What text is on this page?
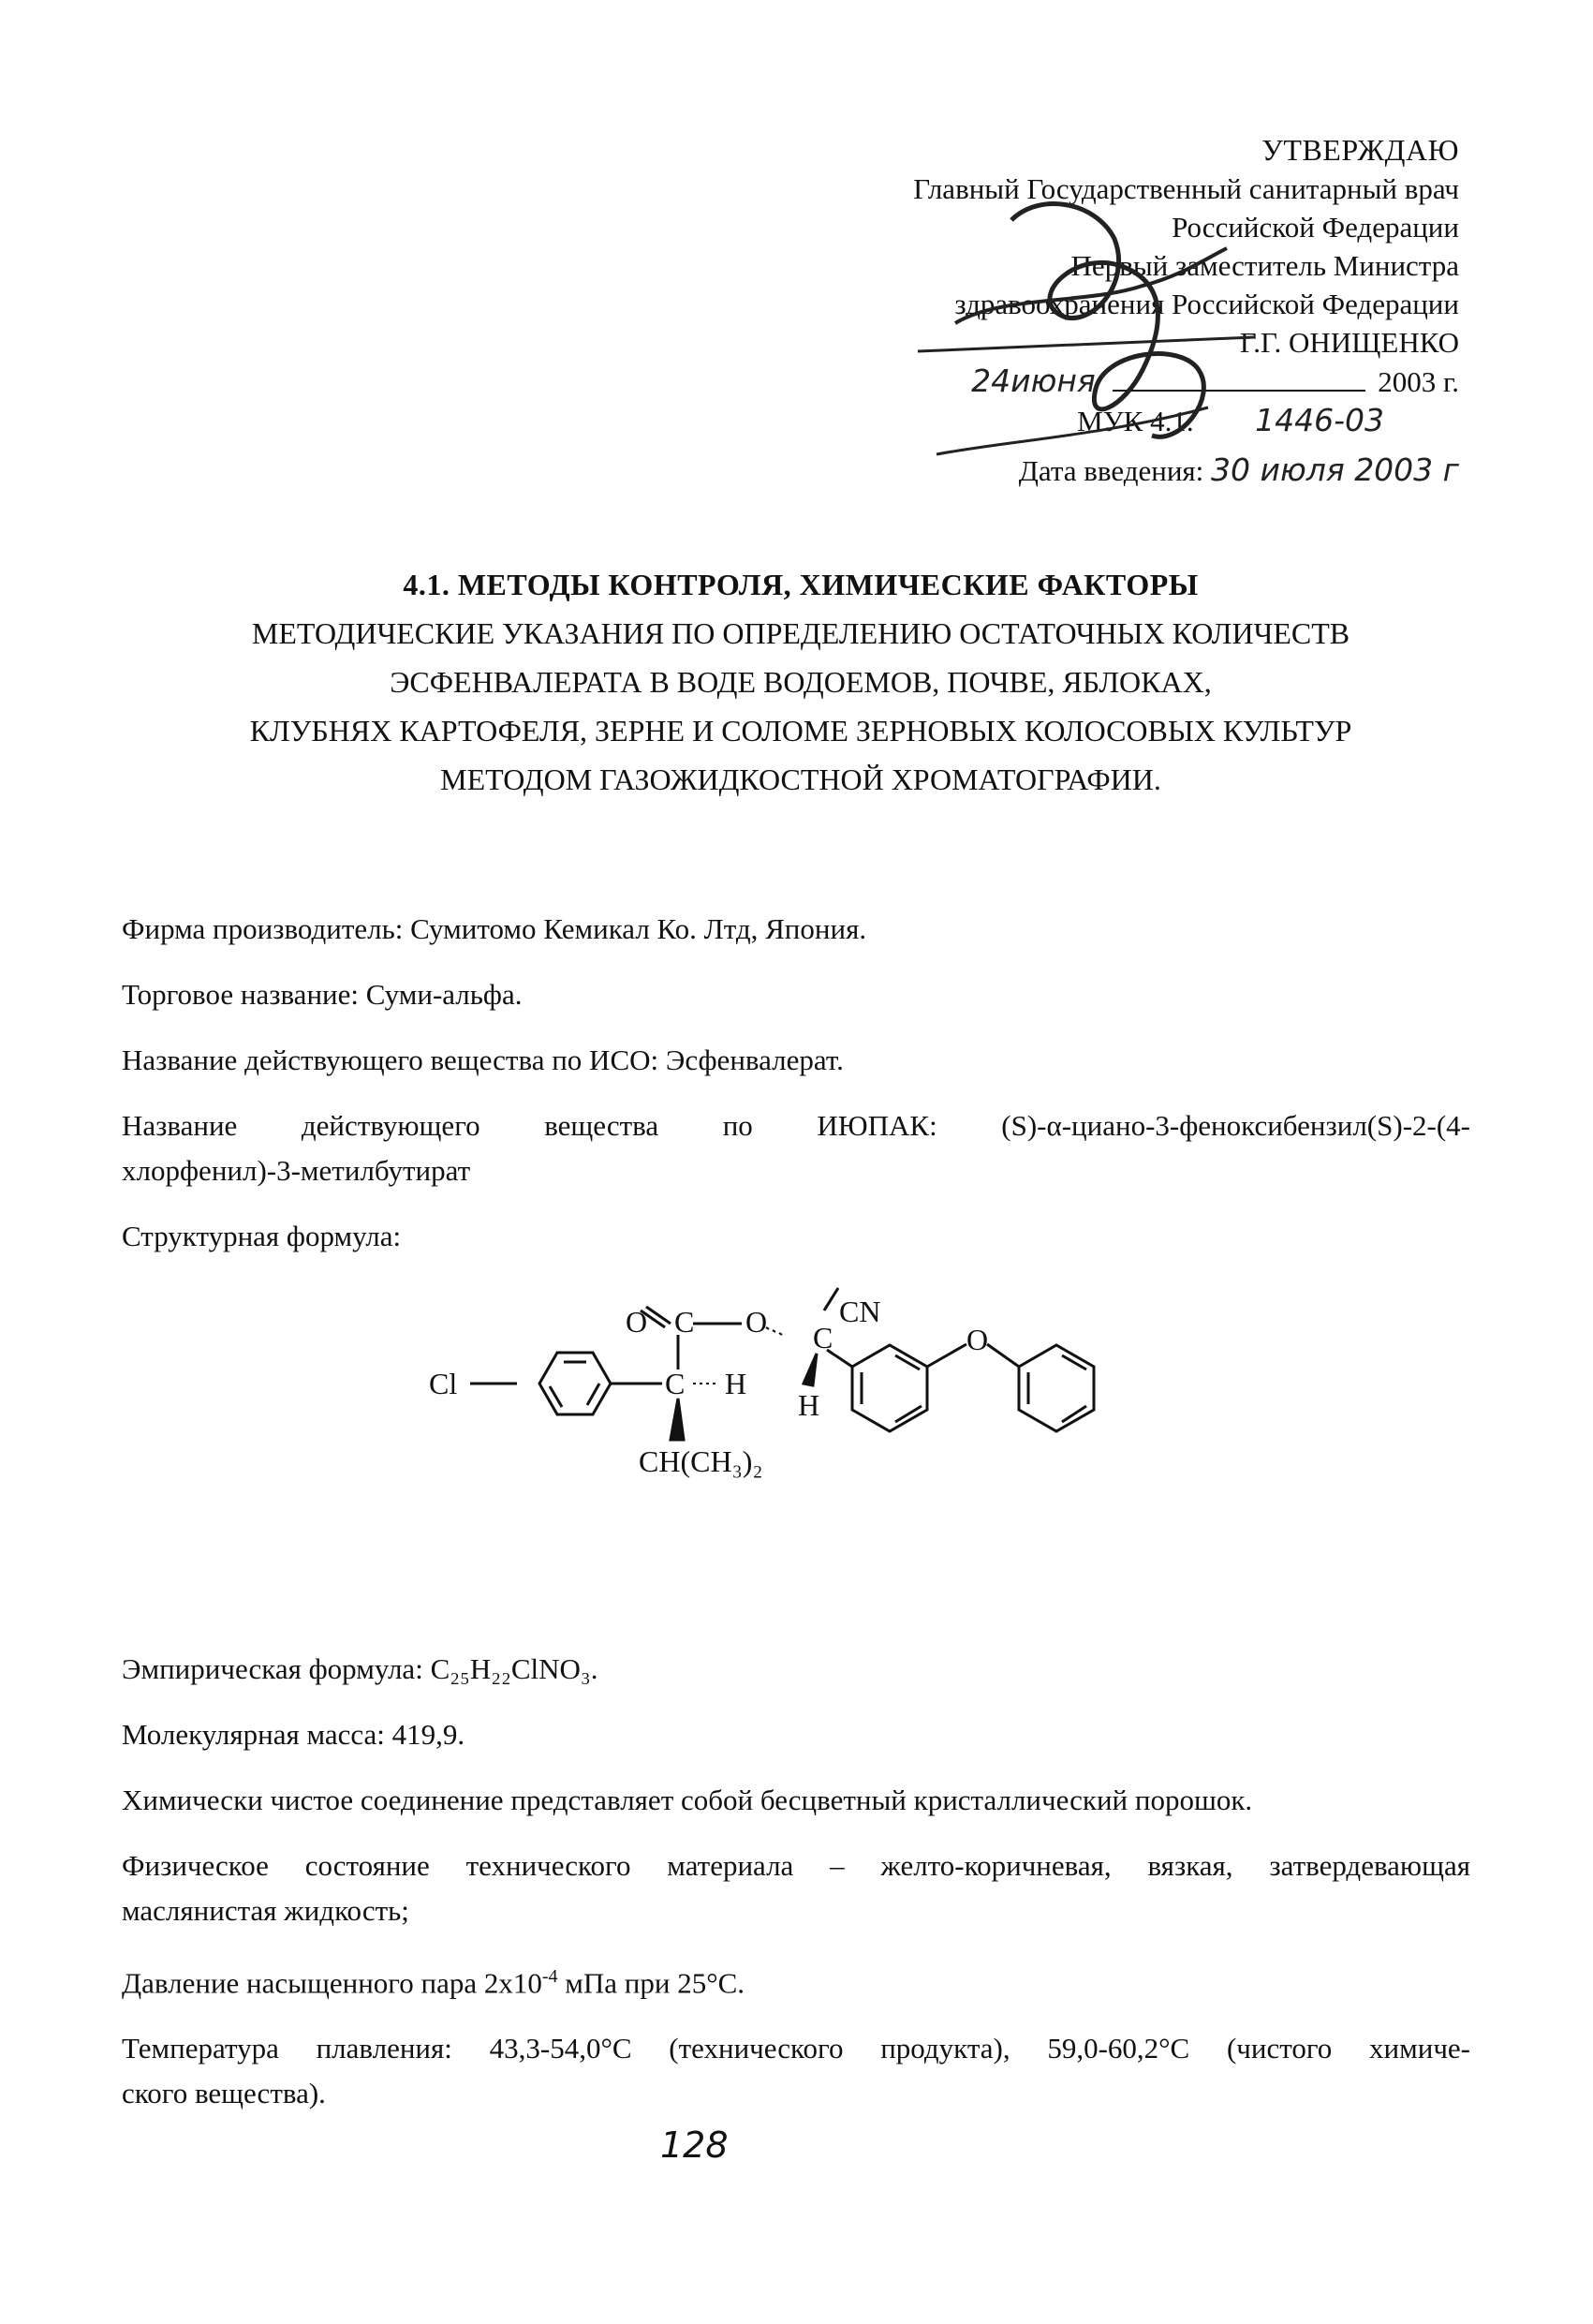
УТВЕРЖДАЮ
Главный Государственный санитарный врач
Российской Федерации
Первый заместитель Министра
здравоохранения Российской Федерации
Г.Г. ОНИЩЕНКО
24июня	2003 г.
МУК 4.1. 1446-03
Дата введения: 30 июля 2003 г
4.1. МЕТОДЫ КОНТРОЛЯ, ХИМИЧЕСКИЕ ФАКТОРЫ
МЕТОДИЧЕСКИЕ УКАЗАНИЯ ПО ОПРЕДЕЛЕНИЮ ОСТАТОЧНЫХ КОЛИЧЕСТВ
ЭСФЕНВАЛЕРАТА В ВОДЕ ВОДОЕМОВ, ПОЧВЕ, ЯБЛОКАХ,
КЛУБНЯХ КАРТОФЕЛЯ, ЗЕРНЕ И СОЛОМЕ ЗЕРНОВЫХ КОЛОСОВЫХ КУЛЬТУР
МЕТОДОМ ГАЗОЖИДКОСТНОЙ ХРОМАТОГРАФИИ.
Фирма производитель: Сумитомо Кемикал Ко. Лтд, Япония.
Торговое название: Суми-альфа.
Название действующего вещества по ИСО: Эсфенвалерат.
Название действующего вещества по ИЮПАК: (S)-α-циано-3-феноксибензил(S)-2-(4-
хлорфенил)-3-метилбутират
Структурная формула:
O C O C
CN
O
Cl	C H
H
CH(CH₃)₂
Эмпирическая формула: C₂₅H₂₂ClNO₃.
Молекулярная масса: 419,9.
Химически чистое соединение представляет собой бесцветный кристаллический порошок.
Физическое состояние технического материала – желто-коричневая, вязкая, затвердевающая
маслянистая жидкость;
Давление насыщенного пара $2х10^{-4}$ мПа при 25°С.
Температура плавления: 43,3-54,0°С (технического продукта), 59,0-60,2°С (чистого химиче-
ского вещества).
128
